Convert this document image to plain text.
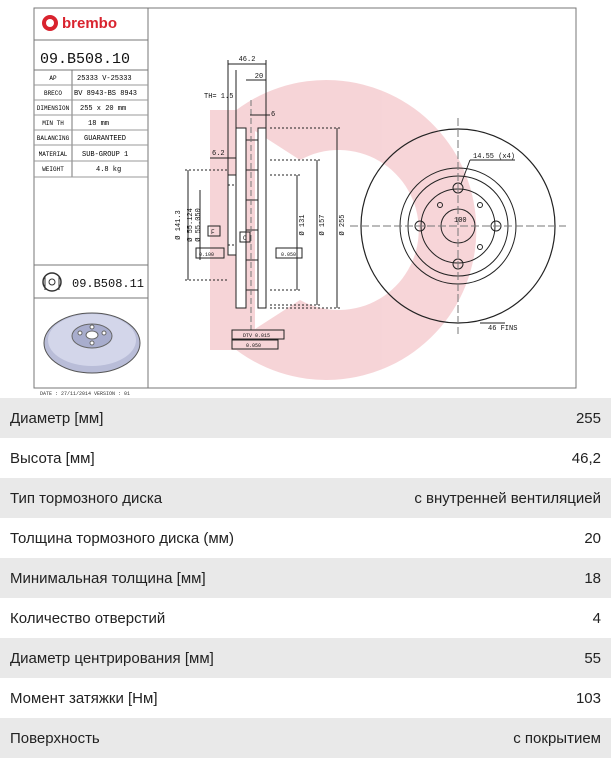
brembo
09.B508.10
AP	25333 V-25333
BRECO BV 8943-BS 8943
DIMENSION 255 x 20 mm
MIN TH	18 mm
BALANCING GUARANTEED
MATERIAL SUB-GROUP 1
WEIGHT	4.8 kg
09.B508.11
DATE : 27/11/2014 VERSION : 01
46.2
20
TH= 1.5
6
6.2
Ø 141.3 Ø 55.124 Ø 55.050	Ø 131 Ø 157 Ø 255
F
C
0.100	0.050
DTV 0.015
0.050
14.55 (x4)
100
46 FINS
Диаметр [мм]	255
Высота [мм]	46,2
Тип тормозного диска	с внутренней вентиляцией
Толщина тормозного диска (мм)	20
Минимальная толщина [мм]	18
Количество отверстий	4
Диаметр центрирования [мм]	55
Момент затяжки [Нм]	103
Поверхность	с покрытием
